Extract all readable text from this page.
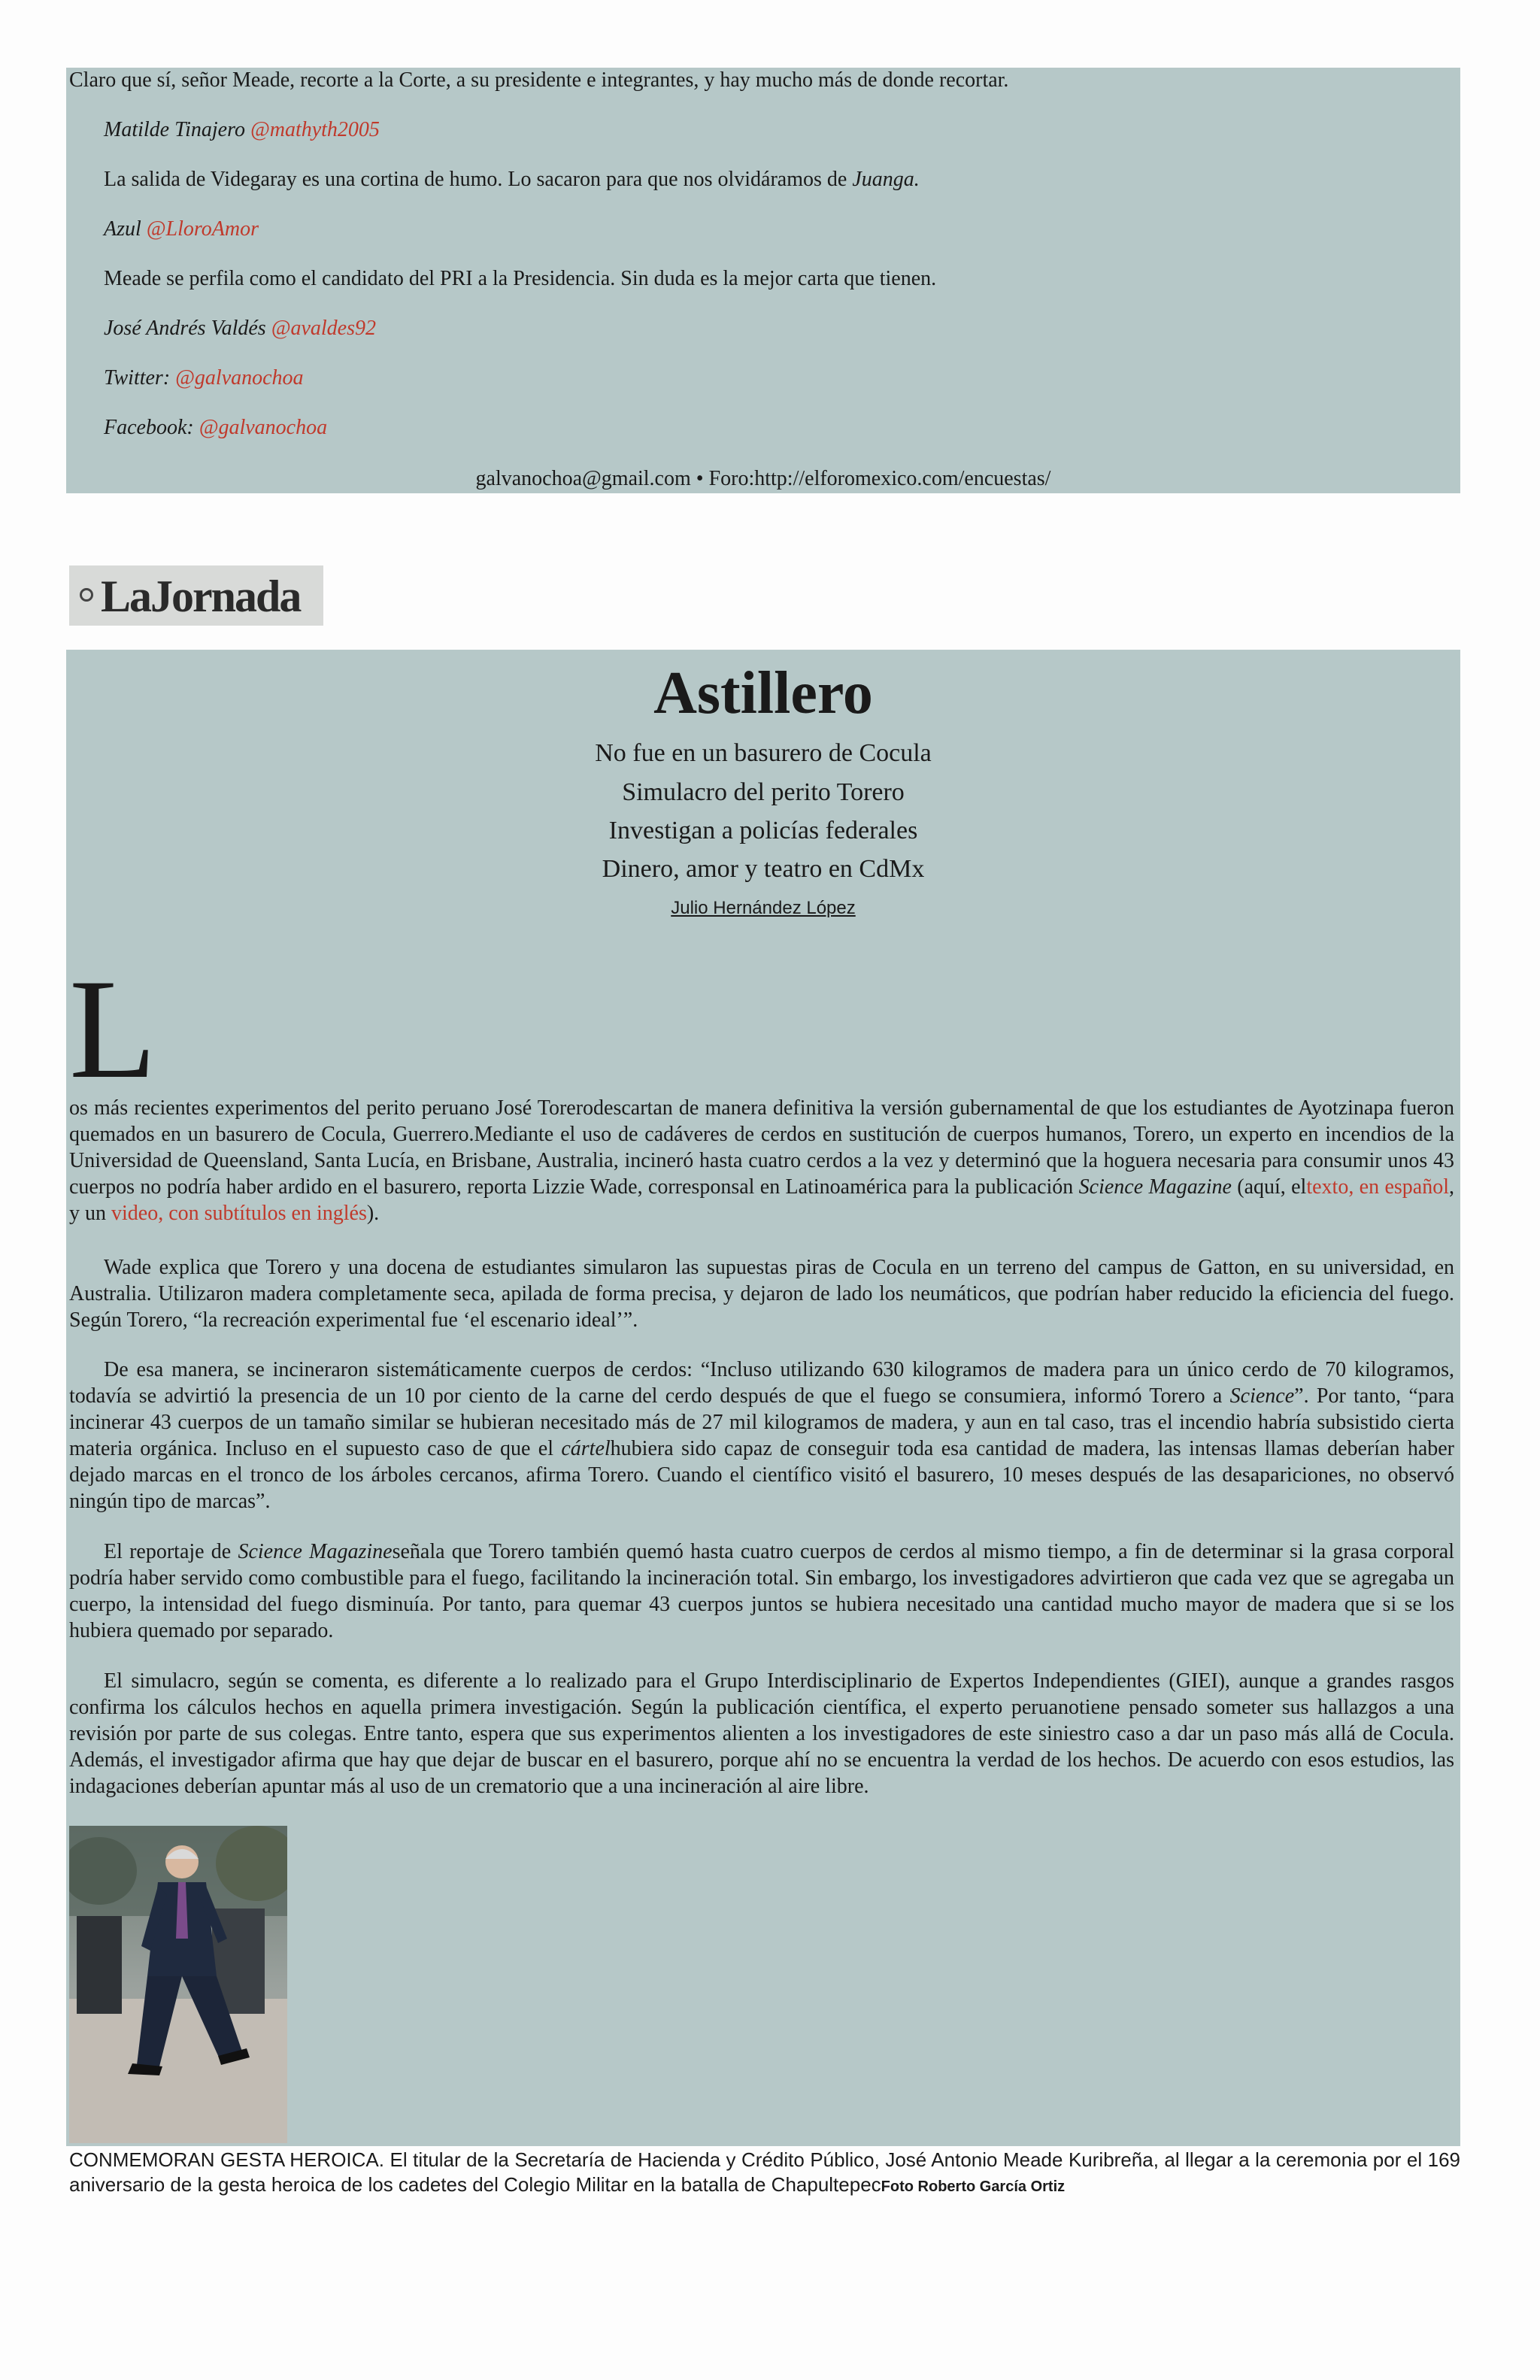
Claro que sí, señor Meade, recorte a la Corte, a su presidente e integrantes, y hay mucho más de donde recortar.
Matilde Tinajero @mathyth2005
La salida de Videgaray es una cortina de humo. Lo sacaron para que nos olvidáramos de Juanga.
Azul @LloroAmor
Meade se perfila como el candidato del PRI a la Presidencia. Sin duda es la mejor carta que tienen.
José Andrés Valdés @avaldes92
Twitter: @galvanochoa
Facebook: @galvanochoa
galvanochoa@gmail.com • Foro:http://elforomexico.com/encuestas/
LaJornada
Astillero
No fue en un basurero de Cocula
Simulacro del perito Torero
Investigan a policías federales
Dinero, amor y teatro en CdMx
Julio Hernández López
L

os más recientes experimentos del perito peruano José Torerodescartan de manera definitiva la versión gubernamental de que los estudiantes de Ayotzinapa fueron quemados en un basurero de Cocula, Guerrero.Mediante el uso de cadáveres de cerdos en sustitución de cuerpos humanos, Torero, un experto en incendios de la Universidad de Queensland, Santa Lucía, en Brisbane, Australia, incineró hasta cuatro cerdos a la vez y determinó que la hoguera necesaria para consumir unos 43 cuerpos no podría haber ardido en el basurero, reporta Lizzie Wade, corresponsal en Latinoamérica para la publicación Science Magazine (aquí, eltexto, en español, y un video, con subtítulos en inglés).

Wade explica que Torero y una docena de estudiantes simularon las supuestas piras de Cocula en un terreno del campus de Gatton, en su universidad, en Australia. Utilizaron madera completamente seca, apilada de forma precisa, y dejaron de lado los neumáticos, que podrían haber reducido la eficiencia del fuego. Según Torero, “la recreación experimental fue ‘el escenario ideal’”.

De esa manera, se incineraron sistemáticamente cuerpos de cerdos: “Incluso utilizando 630 kilogramos de madera para un único cerdo de 70 kilogramos, todavía se advirtió la presencia de un 10 por ciento de la carne del cerdo después de que el fuego se consumiera, informó Torero a Science”. Por tanto, “para incinerar 43 cuerpos de un tamaño similar se hubieran necesitado más de 27 mil kilogramos de madera, y aun en tal caso, tras el incendio habría subsistido cierta materia orgánica. Incluso en el supuesto caso de que el cártelhubiera sido capaz de conseguir toda esa cantidad de madera, las intensas llamas deberían haber dejado marcas en el tronco de los árboles cercanos, afirma Torero. Cuando el científico visitó el basurero, 10 meses después de las desapariciones, no observó ningún tipo de marcas”.

El reportaje de Science Magazineseñala que Torero también quemó hasta cuatro cuerpos de cerdos al mismo tiempo, a fin de determinar si la grasa corporal podría haber servido como combustible para el fuego, facilitando la incineración total. Sin embargo, los investigadores advirtieron que cada vez que se agregaba un cuerpo, la intensidad del fuego disminuía. Por tanto, para quemar 43 cuerpos juntos se hubiera necesitado una cantidad mucho mayor de madera que si se los hubiera quemado por separado.

El simulacro, según se comenta, es diferente a lo realizado para el Grupo Interdisciplinario de Expertos Independientes (GIEI), aunque a grandes rasgos confirma los cálculos hechos en aquella primera investigación. Según la publicación científica, el experto peruanotiene pensado someter sus hallazgos a una revisión por parte de sus colegas. Entre tanto, espera que sus experimentos alienten a los investigadores de este siniestro caso a dar un paso más allá de Cocula. Además, el investigador afirma que hay que dejar de buscar en el basurero, porque ahí no se encuentra la verdad de los hechos. De acuerdo con esos estudios, las indagaciones deberían apuntar más al uso de un crematorio que a una incineración al aire libre.

CONMEMORAN GESTA HEROICA. El titular de la Secretaría de Hacienda y Crédito Público, José Antonio Meade Kuribreña, al llegar a la ceremonia por el 169 aniversario de la gesta heroica de los cadetes del Colegio Militar en la batalla de ChapultepecFoto Roberto García Ortiz
